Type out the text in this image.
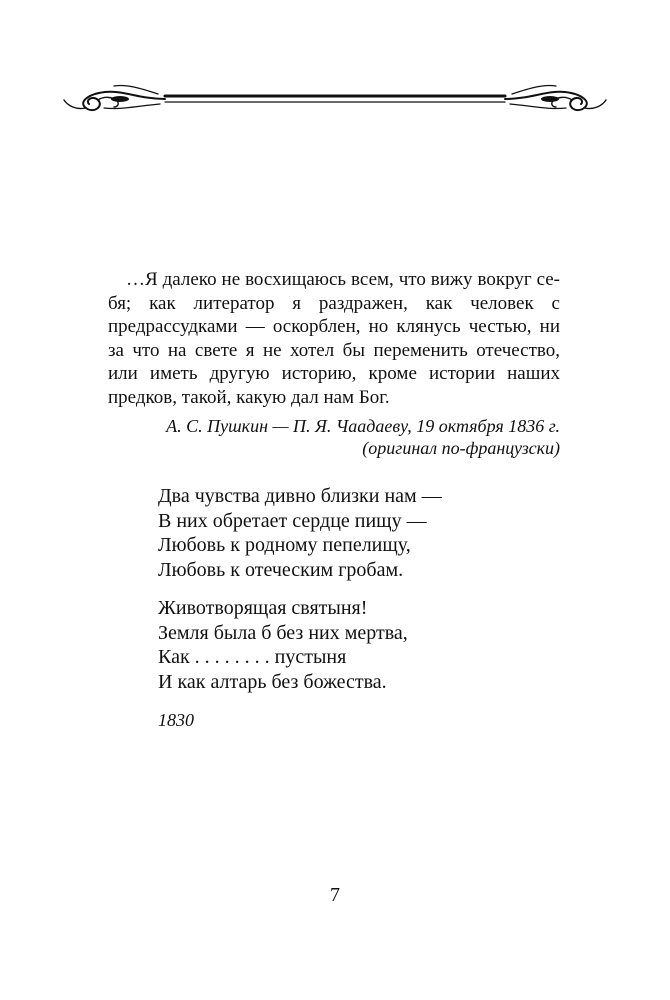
…Я далеко не восхищаюсь всем, что вижу вокруг себя; как литератор я раздражен, как человек с предрассудками — оскорблен, но клянусь честью, ни за что на свете я не хотел бы переменить отечество, или иметь другую историю, кроме истории наших предков, такой, какую дал нам Бог.

А. С. Пушкин — П. Я. Чаадаеву, 19 октября 1836 г.
(оригинал по-французски)
Два чувства дивно близки нам —
В них обретает сердце пищу —
Любовь к родному пепелищу,
Любовь к отеческим гробам.
Животворящая святыня!
Земля была б без них мертва,
Как . . . . . . . . пустыня
И как алтарь без божества.
1830
7
